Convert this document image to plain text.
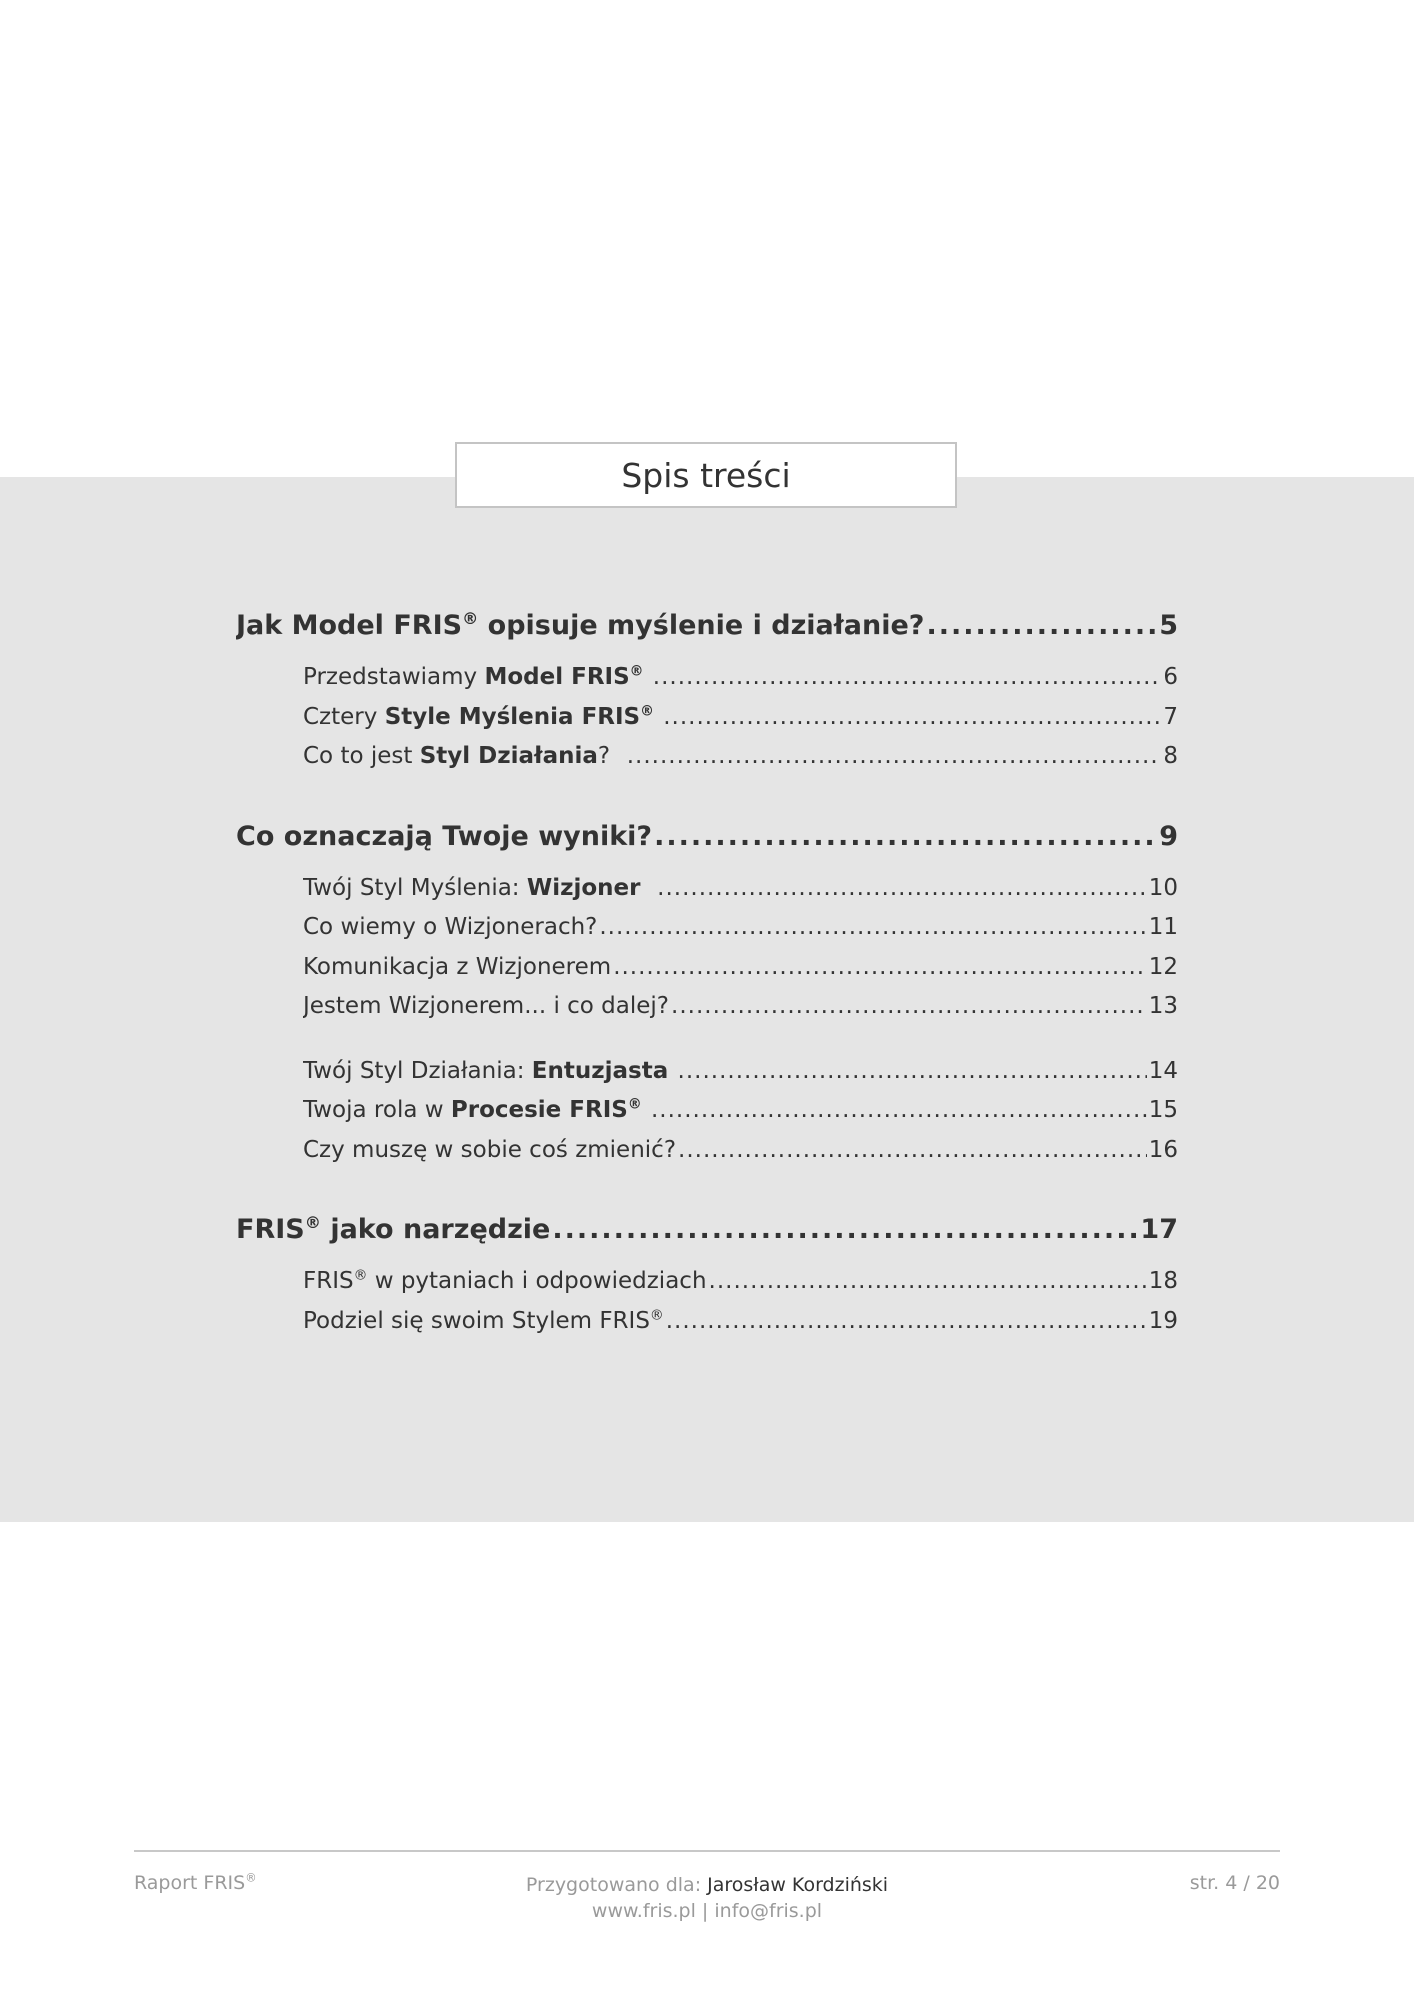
Spis treści
Jak Model FRIS® opisuje myślenie i działanie? .....	5
Przedstawiamy Model FRIS® .....	6
Cztery Style Myślenia FRIS® .....	7
Co to jest Styl Działania? .....	8
Co oznaczają Twoje wyniki? .....	9
Twój Styl Myślenia: Wizjoner .....	10
Co wiemy o Wizjonerach? .....	11
Komunikacja z Wizjonerem .....	12
Jestem Wizjonerem... i co dalej? .....	13
Twój Styl Działania: Entuzjasta .....	14
Twoja rola w Procesie FRIS® .....	15
Czy muszę w sobie coś zmienić? .....	16
FRIS® jako narzędzie .....	17
FRIS® w pytaniach i odpowiedziach .....	18
Podziel się swoim Stylem FRIS® .....	19
Raport FRIS®	Przygotowano dla: Jarosław Kordziński
www.fris.pl | info@fris.pl
str. 4 / 20
